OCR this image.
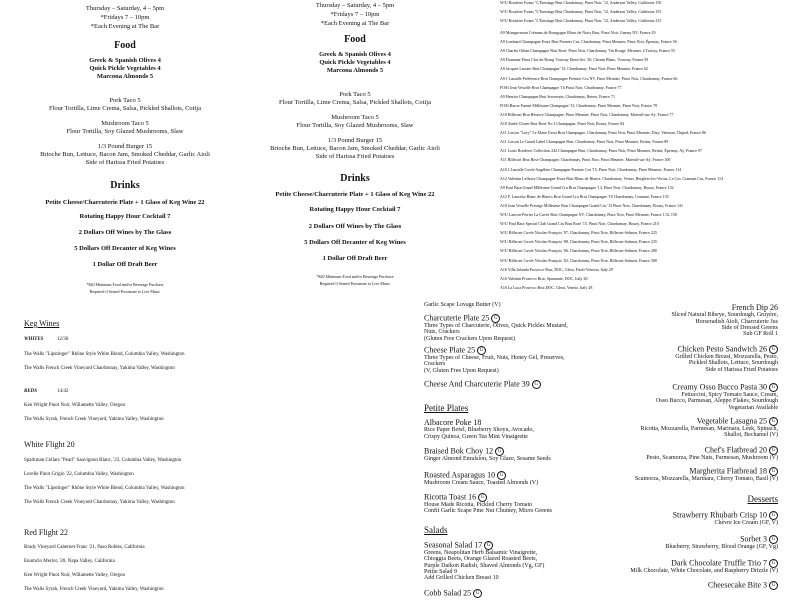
Thursday – Saturday, 4 – 5pm
*Fridays 7 – 10pm
*Each Evening at The Bar
Food
Greek & Spanish Olives 4
Quick Pickle Vegetables 4
Marcona Almonds 5
Pork Taco 5
Flour Tortilla, Lime Crema, Salsa, Pickled Shallots, Cotija
Mushroom Taco 5
Flour Tortilla, Soy Glazed Mushrooms, Slaw
1/3 Pound Burger 15
Brioche Bun, Lettuce, Bacon Jam, Smoked Cheddar, Garlic Aioli
Side of Harissa Fried Potatoes
Drinks
Petite Cheese/Charcuterie Plate + 1 Glass of Keg Wine 22
Rotating Happy Hour Cocktail 7
2 Dollars Off Wines by The Glass
5 Dollars Off Decanter of Keg Wines
1 Dollar Off Draft Beer
*$20 Minimum Food and/or Beverage Purchase
Required if Seated Proximate to Live Music
Thursday – Saturday, 4 – 5pm
*Fridays 7 – 10pm
*Each Evening at The Bar
Food
Greek & Spanish Olives 4
Quick Pickle Vegetables 4
Marcona Almonds 5
Pork Taco 5
Flour Tortilla, Lime Crema, Salsa, Pickled Shallots, Cotija
Mushroom Taco 5
Flour Tortilla, Soy Glazed Mushrooms, Slaw
1/3 Pound Burger 15
Brioche Bun, Lettuce, Bacon Jam, Smoked Cheddar, Garlic Aioli
Side of Harissa Fried Potatoes
Drinks
Petite Cheese/Charcuterie Plate + 1 Glass of Keg Wine 22
Rotating Happy Hour Cocktail 7
2 Dollars Off Wines by The Glass
5 Dollars Off Decanter of Keg Wines
1 Dollar Off Draft Beer
*$20 Minimum Food and/or Beverage Purchase
Required if Seated Proximate to Live Music
W/U Boudrier Evans "L'Ermitage Brut Chardonnay, Pinot Noir, '12, Anderson Valley, California 150
W/U Boudrier Evans "L'Ermitage Brut Chardonnay, Pinot Noir, '12, Anderson Valley, California 155
W/U Boudrier Evans "L'Ermitage Brut Chardonnay, Pinot Noir, '12, Anderson Valley, California 215
A9 Montgermont Crémant de Bourgogne Blanc de Noirs Brut, Pinot Noir, Gamay NV, France 29
A9 Lombard Champagne Extra Brut Premier Cru, Chardonnay, Pinot Meunier, Pinot Noir, Épernay, France 56
A9 Charles Orban Champagne Brut Rosé, Pinot Noir, Chardonnay, Vin Rouge, Meunier, à Troissy, France 55
A9 Domaine Pinot Clos du Bourg Vouvray Demi-Sec '20, Chenin Blanc, Vouvray, France 59
A9 Jacques Lassaie Brut Champagne '13, Chardonnay, Pinot Noir, Pinot Meunier, France 62
A9 J Lassalle Préférence Brut Champagne Premier Cru NV, Pinot Meunier, Pinot Noir, Chardonnay, France 66
FOSI Jean Vesselle Brut Champagne '16 Pinot Noir, Chardonnay, France 77
A9 Henriot Champagne Brut Souverain, Chardonnay, Reims, France 71
FOSI Baron Fuenté Millésime Champagne '13, Chardonnay, Pinot Meunier, Pinot Noir, France 78
A10 Billecart Brut Réserve Champagne, Pinot Meunier, Pinot Noir, Chardonnay, Mareuil-sur-Aÿ, France 77
A10 André Clouet Brut Rosé No.3 Champagne, Pinot Noir, Bouzy, France 84
A11 Larson "Lavy" Le Marie Extra Brut Champagne, Chardonnay, Pinot Noir, Pinot Meunier, Dizy, Valmont, Thiped, France 86
A11 Larson Le Grand Label Champagne Brut, Chardonnay, Pinot Noir, Pinot Meunier, Reims, France 89
A11 Louis Roederer Collection 242 Champagne Brut, Chardonnay, Pinot Noir, Pinot Meunier, Reims, Épernay, Aÿ, France 97
A11 Billecart Brut Rosé Champagne, Chardonnay, Pinot Noir, Pinot Meunier, Mareuil-sur-Aÿ, France 100
A10 J.Lassalle Cuvée Angéline Champagne Premier Cru '15, Pinot Noir, Chardonnay, Pinot Meunier, France 114
A12 Valentin Leflaive Champagne Extra Brut Blanc de Blancs, Chardonnay, Vertus, Bergères-les-Vertus, Le Cru, Cramant Cru, France 114
A9 Paul Bara Grand Millésime Grand Cru Brut Champagne '14, Pinot Noir, Chardonnay, Bouzy, France 132
A12 P. Lancelot Blanc de Blancs Brut Grand Cru Brut Champagne '18 Chardonnay, Cramant, France 135
A10 Jean Vesselle Prestige Millésime Brut Champagne Grand Cru '12 Pinot Noir, Chardonnay, Bouzy, France 141
W/U Lancon-Perrier La Cuvée Brut Champagne NV, Chardonnay, Pinot Noir, Pinot Meunier, France 1.5L 150
W/U Paul Bara Special Club Grand Cru Brut Rosé '15, Pinot Noir, Chardonnay, Bouzy, France 210
W/U Billecart Cuvée Nicolas-François '07, Chardonnay, Pinot Noir, Billecart-Salmon, France 225
W/U Billecart Cuvée Nicolas-François '08, Chardonnay, Pinot Noir, Billecart-Salmon, France 235
W/U Billecart Cuvée Nicolas-François '06, Chardonnay, Pinot Noir, Billecart-Salmon, France 280
W/U Billecart Cuvée Nicolas-François '02, Chardonnay, Pinot Noir, Billecart-Salmon, France 300
A16 Villa Jolanda Prosecco Brut, DOC, Glera, Friuli-Venezia, Italy 29
A16 Valentin Prosecco Brut, Spumante, DOC, Italy 20
A16 La Luca Prosecco Brut DOC, Glera, Veneto, Italy 28
Keg Wines
WHITES	12/36
The Walls "Lipstinger" Rhône Style White Blend, Columbia Valley, Washington
The Walls French Creek Vineyard Chardonnay, Yakima Valley, Washington
REDS	14/42
Ken Wright Pinot Noir, Willamette Valley, Oregon
The Walls Syrah, French Creek Vineyard, Yakima Valley, Washington
White Flight 20
Sparkman Cellars "Pearl" Sauvignon Blanc, '23, Columbia Valley, Washington
Lorelle Pinot Grigio '22, Columbia Valley, Washington
The Walls "Lipstinger" Rhône Style White Blend, Columbia Valley, Washington
The Walls French Creek Vineyard Chardonnay, Yakima Valley, Washington
Red Flight 22
Brady Vineyard Cabernet Franc '21, Paso Robles, California
Enumclo Merlot, '20, Napa Valley, California
Ken Wright Pinot Noir, Willamette Valley, Oregon
The Walls Syrah, French Creek Vineyard, Yakima Valley, Washington
Garlic Scape Lovage Butter (V)
Charcuterie Plate 25 G
Three Types of Charcuterie, Olives, Quick Pickles Mustard,
Nuts, Crackers
(Gluten Free Crackers Upon Request)
Cheese Plate 25 G
Three Types of Cheese, Fruit, Nuts, Honey Gel, Preserves,
Crackers
(V, Gluten Free Upon Request)
Cheese And Charcuterie Plate 39 G
Petite Plates
Albacore Poke 18
Rice Paper Bowl, Blueberry Shoyu, Avocado,
Crispy Quinoa, Green Tea Mint Vinaigrette
Braised Bok Choy 12 G
Ginger Almond Emulsion, Soy Glaze, Sesame Seeds
Roasted Asparagus 10 G
Mushroom Cream Sauce, Toasted Almonds (V)
Ricotta Toast 16 G
House Made Ricotta, Pickled Cherry Tomato
Confit Garlic Scape Pine Nut Chutney, Micro Greens
Salads
Seasonal Salad 17 G
Greens, Neapolitan Herb Balsamic Vinaigrette,
Chioggia Beets, Orange Glazed Roasted Beets,
Purple Daikon Radish, Shaved Almonds (Vg, GF)
Petite Salad 9
Add Grilled Chicken Breast 10
Cobb Salad 25 G
French Dip 26
Sliced Natural Ribeye, Sourdough, Gruyère,
Horseradish Aioli, Charcuterie Jus
Side of Dressed Greens
Sub GF Roll 1
Chicken Pesto Sandwich 26 G
Grilled Chicken Breast, Mozzarella, Pesto,
Pickled Shallots, Lettuce, Sourdough
Side of Harissa Fried Potatoes
Creamy Osso Bucco Pasta 30 G
Fettuccini, Spicy Tomato Sauce, Cream,
Osso Bucco, Parmesan, Aleppo Flakes, Sourdough
Vegetarian Available
Vegetable Lasagna 25 G
Ricotta, Mozzarella, Parmesan, Marinara, Leek, Spinach,
Shallot, Bechamel (V)
Chef's Flatbread 20 G
Pesto, Scamorza, Pine Nuts, Parmesan, Mushroom (V)
Margherita Flatbread 18 G
Scamorza, Mozzarella, Marinara, Cherry Tomato, Basil (V)
Desserts
Strawberry Rhubarb Crisp 10 G
Chèvre Ice Cream (GF, V)
Sorbet 3 G
Blueberry, Strawberry, Blood Orange (GF, Vg)
Dark Chocolate Truffle Trio 7 G
Milk Chocolate, White Chocolate, and Raspberry Drizzle (V)
Cheesecake Bite 3 G
